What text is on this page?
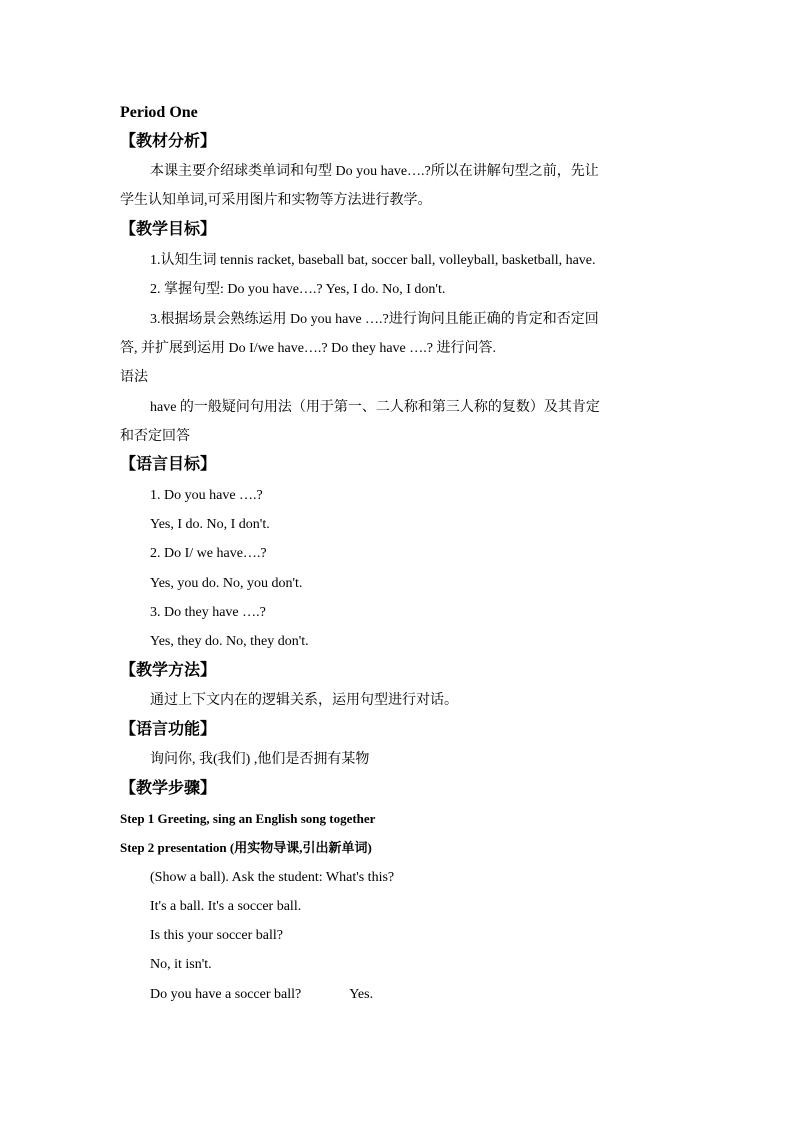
Period One
【教材分析】
本课主要介绍球类单词和句型 Do you have….?所以在讲解句型之前，先让
学生认知单词,可采用图片和实物等方法进行教学。
【教学目标】
1.认知生词 tennis racket, baseball bat, soccer ball, volleyball, basketball, have.
2. 掌握句型: Do you have….? Yes, I do. No, I don't.
3.根据场景会熟练运用 Do you have ….?进行询问且能正确的肯定和否定回
答, 并扩展到运用 Do I/we have….? Do they have ….? 进行问答.
语法
have 的一般疑问句用法（用于第一、二人称和第三人称的复数）及其肯定
和否定回答
【语言目标】
1. Do you have ….?
Yes, I do. No, I don't.
2. Do I/ we have….?
Yes, you do. No, you don't.
3. Do they have ….?
Yes, they do. No, they don't.
【教学方法】
通过上下文内在的逻辑关系，运用句型进行对话。
【语言功能】
询问你, 我(我们) ,他们是否拥有某物
【教学步骤】
Step 1 Greeting, sing an English song together
Step 2 presentation (用实物导课,引出新单词)
(Show a ball). Ask the student: What's this?
It's a ball. It's a soccer ball.
Is this your soccer ball?
No, it isn't.
Do you have a soccer ball?	Yes.
